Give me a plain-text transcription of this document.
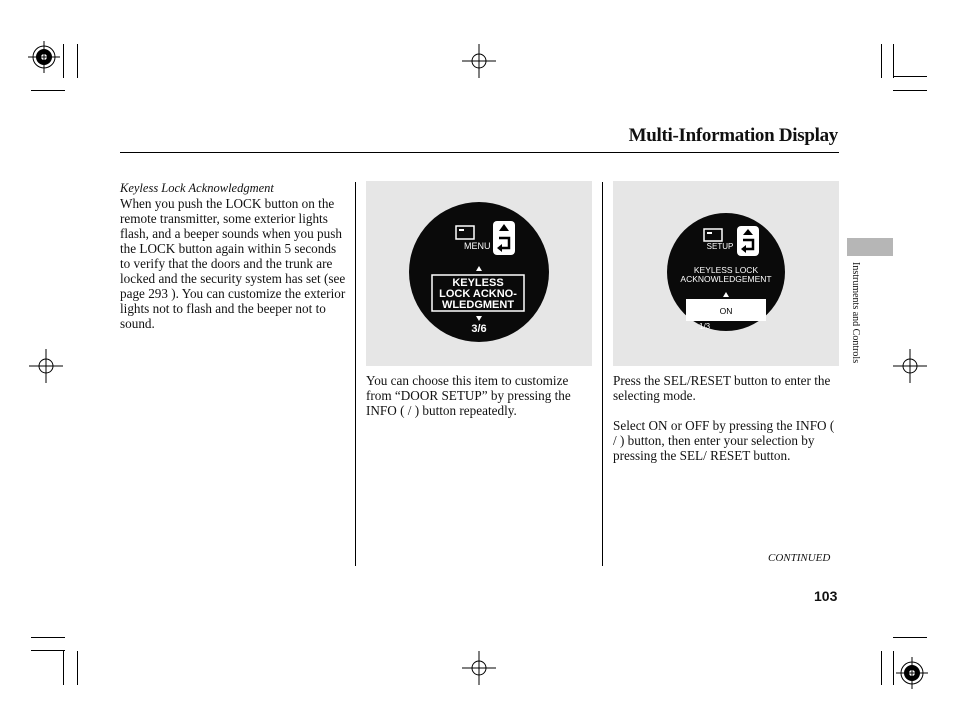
Multi-Information Display
Keyless Lock Acknowledgment

When you push the LOCK button on the remote transmitter, some exterior lights flash, and a beeper sounds when you push the LOCK button again within 5 seconds to verify that the doors and the trunk are locked and the security system has set (see page 293 ). You can customize the exterior lights not to flash and the beeper not to sound.

MENU
KEYLESS
LOCK ACKNO-
WLEDGMENT
3/6
SETUP
KEYLESS LOCK
ACKNOWLEDGEMENT
ON
1/3

You can choose this item to customize from “DOOR SETUP” by pressing the INFO ( / ) button repeatedly.

Press the SEL/RESET button to enter the selecting mode.

Select ON or OFF by pressing the INFO ( / ) button, then enter your selection by pressing the SEL/ RESET button.

Instruments and Controls
CONTINUED
103
